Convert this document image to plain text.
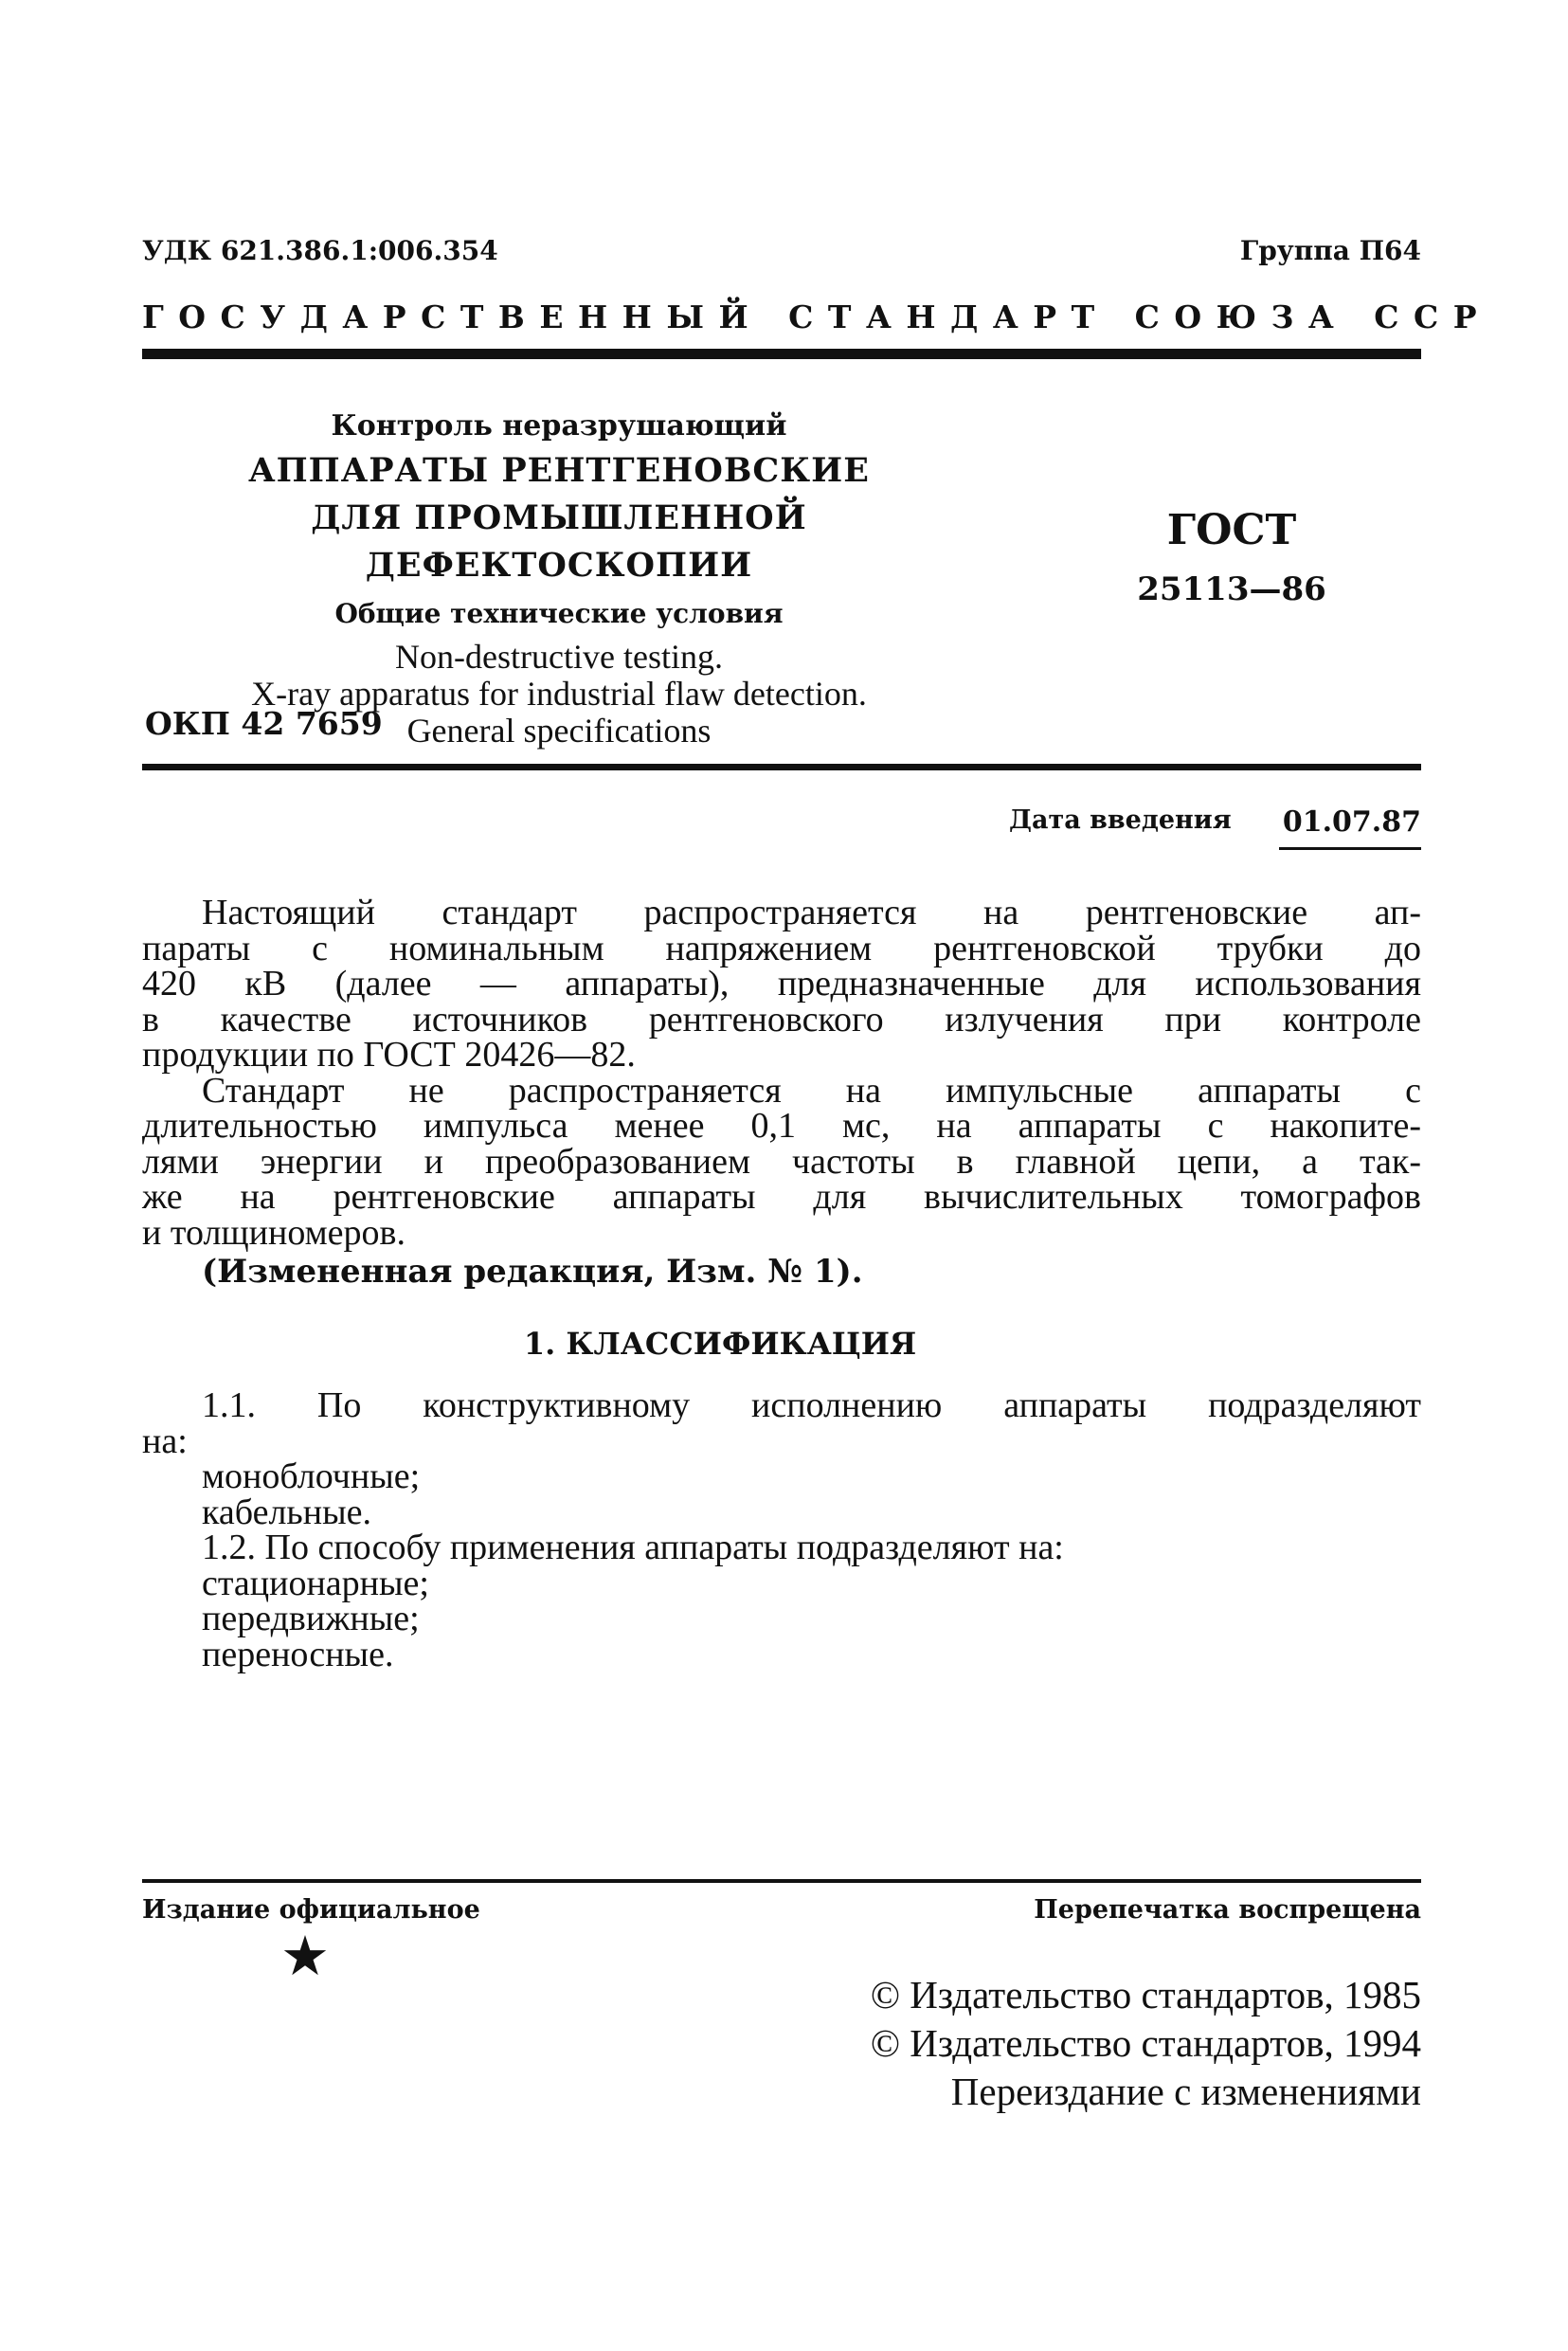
УДК 621.386.1:006.354	Группа П64
ГОСУДАРСТВЕННЫЙ СТАНДАРТ СОЮЗА ССР
Контроль неразрушающий
АППАРАТЫ РЕНТГЕНОВСКИЕ
ДЛЯ ПРОМЫШЛЕННОЙ ДЕФЕКТОСКОПИИ
Общие технические условия
Non-destructive testing.
X-ray apparatus for industrial flaw detection.
General specifications
ОКП 42 7659
ГОСТ
25113—86
Дата введения 01.07.87
Настоящий стандарт распространяется на рентгеновские ап-
параты с номинальным напряжением рентгеновской трубки до
420 кВ (далее — аппараты), предназначенные для использования
в качестве источников рентгеновского излучения при контроле
продукции по ГОСТ 20426—82.
Стандарт не распространяется на импульсные аппараты с
длительностью импульса менее 0,1 мс, на аппараты с накопите-
лями энергии и преобразованием частоты в главной цепи, а так-
же на рентгеновские аппараты для вычислительных томографов
и толщиномеров.
(Измененная редакция, Изм. № 1).
1. КЛАССИФИКАЦИЯ
1.1. По конструктивному исполнению аппараты подразделяют
на:
моноблочные;
кабельные.
1.2. По способу применения аппараты подразделяют на:
стационарные;
передвижные;
переносные.
Издание официальное	Перепечатка воспрещена
★
© Издательство стандартов, 1985
© Издательство стандартов, 1994
Переиздание с изменениями
